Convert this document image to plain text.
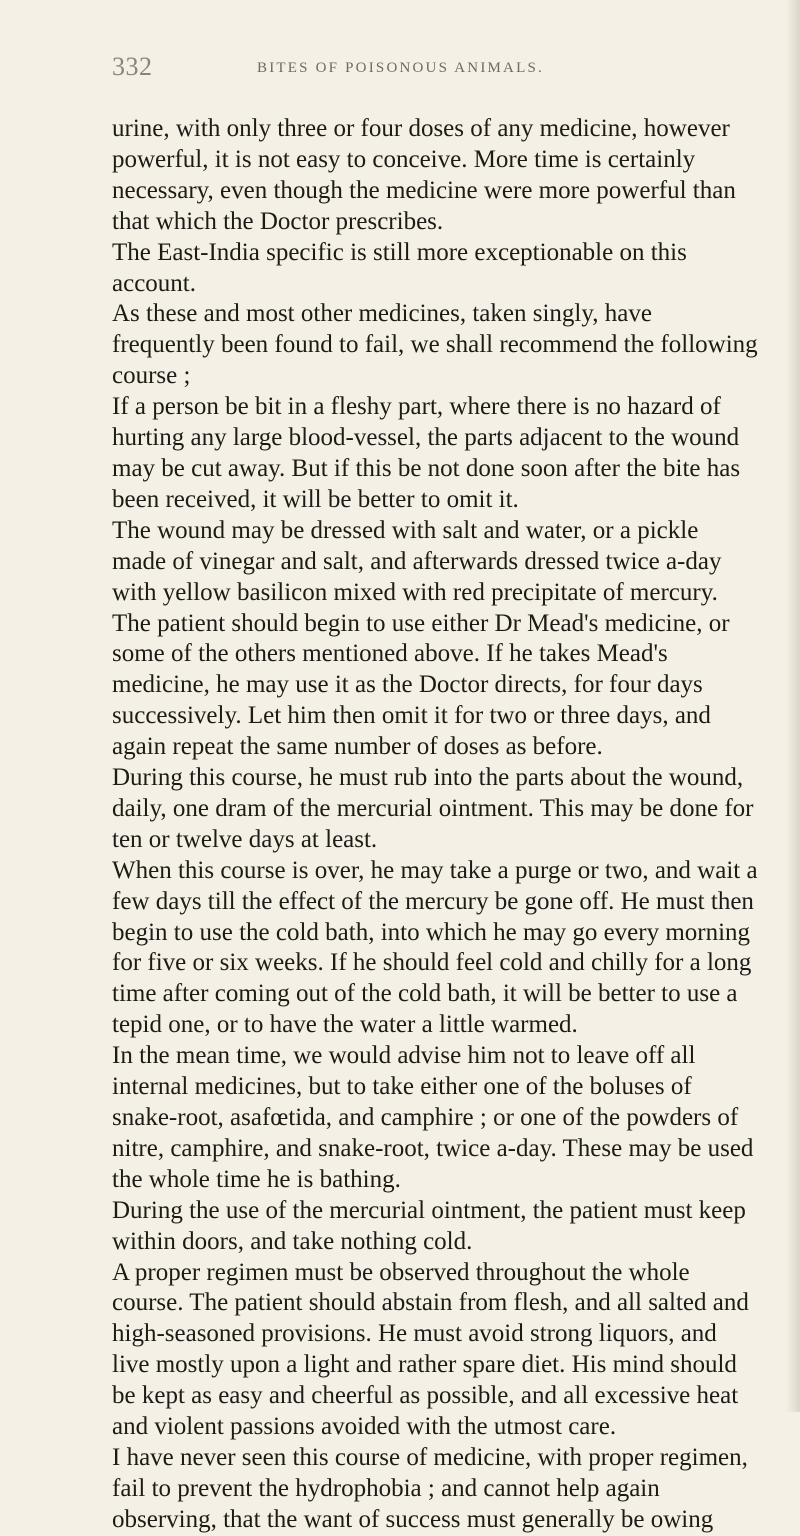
332	BITES OF POISONOUS ANIMALS.

urine, with only three or four doses of any medicine, however powerful, it is not easy to conceive. More time is certainly necessary, even though the medicine were more powerful than that which the Doctor prescribes.

The East-India specific is still more exceptionable on this account.

As these and most other medicines, taken singly, have frequently been found to fail, we shall recommend the following course ;

If a person be bit in a fleshy part, where there is no hazard of hurting any large blood-vessel, the parts adjacent to the wound may be cut away. But if this be not done soon after the bite has been received, it will be better to omit it.

The wound may be dressed with salt and water, or a pickle made of vinegar and salt, and afterwards dressed twice a-day with yellow basilicon mixed with red precipitate of mercury.

The patient should begin to use either Dr Mead's medicine, or some of the others mentioned above. If he takes Mead's medicine, he may use it as the Doctor directs, for four days successively. Let him then omit it for two or three days, and again repeat the same number of doses as before.

During this course, he must rub into the parts about the wound, daily, one dram of the mercurial ointment. This may be done for ten or twelve days at least.

When this course is over, he may take a purge or two, and wait a few days till the effect of the mercury be gone off. He must then begin to use the cold bath, into which he may go every morning for five or six weeks. If he should feel cold and chilly for a long time after coming out of the cold bath, it will be better to use a tepid one, or to have the water a little warmed.

In the mean time, we would advise him not to leave off all internal medicines, but to take either one of the boluses of snake-root, asafœtida, and camphire ; or one of the powders of nitre, camphire, and snake-root, twice a-day. These may be used the whole time he is bathing.

During the use of the mercurial ointment, the patient must keep within doors, and take nothing cold.

A proper regimen must be observed throughout the whole course. The patient should abstain from flesh, and all salted and high-seasoned provisions. He must avoid strong liquors, and live mostly upon a light and rather spare diet. His mind should be kept as easy and cheerful as possible, and all excessive heat and violent passions avoided with the utmost care.

I have never seen this course of medicine, with proper regimen, fail to prevent the hydrophobia ; and cannot help again observing, that the want of success must generally be owing
